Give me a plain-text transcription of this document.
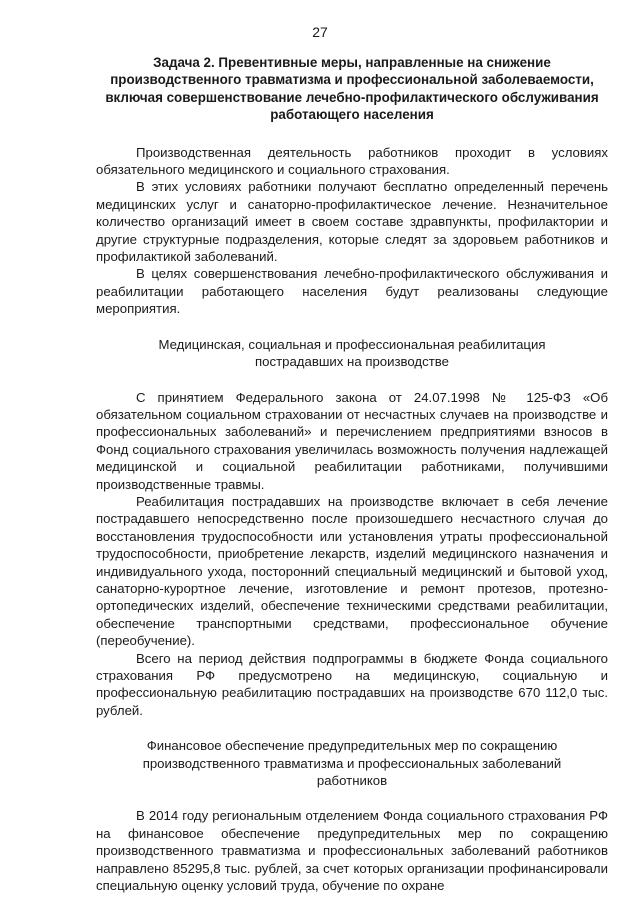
27

Задача 2. Превентивные меры, направленные на снижение производственного травматизма и профессиональной заболеваемости, включая совершенствование лечебно-профилактического обслуживания работающего населения

Производственная деятельность работников проходит в условиях обязательного медицинского и социального страхования.

В этих условиях работники получают бесплатно определенный перечень медицинских услуг и санаторно-профилактическое лечение. Незначительное количество организаций имеет в своем составе здравпункты, профилактории и другие структурные подразделения, которые следят за здоровьем работников и профилактикой заболеваний.

В целях совершенствования лечебно-профилактического обслуживания и реабилитации работающего населения будут реализованы следующие мероприятия.

Медицинская, социальная и профессиональная реабилитация пострадавших на производстве

С принятием Федерального закона от 24.07.1998 № 125-ФЗ «Об обязательном социальном страховании от несчастных случаев на производстве и профессиональных заболеваний» и перечислением предприятиями взносов в Фонд социального страхования увеличилась возможность получения надлежащей медицинской и социальной реабилитации работниками, получившими производственные травмы.

Реабилитация пострадавших на производстве включает в себя лечение пострадавшего непосредственно после произошедшего несчастного случая до восстановления трудоспособности или установления утраты профессиональной трудоспособности, приобретение лекарств, изделий медицинского назначения и индивидуального ухода, посторонний специальный медицинский и бытовой уход, санаторно-курортное лечение, изготовление и ремонт протезов, протезно-ортопедических изделий, обеспечение техническими средствами реабилитации, обеспечение транспортными средствами, профессиональное обучение (переобучение).

Всего на период действия подпрограммы в бюджете Фонда социального страхования РФ предусмотрено на медицинскую, социальную и профессиональную реабилитацию пострадавших на производстве 670 112,0 тыс. рублей.

Финансовое обеспечение предупредительных мер по сокращению производственного травматизма и профессиональных заболеваний работников

В 2014 году региональным отделением Фонда социального страхования РФ на финансовое обеспечение предупредительных мер по сокращению производственного травматизма и профессиональных заболеваний работников направлено 85295,8 тыс. рублей, за счет которых организации профинансировали специальную оценку условий труда, обучение по охране
